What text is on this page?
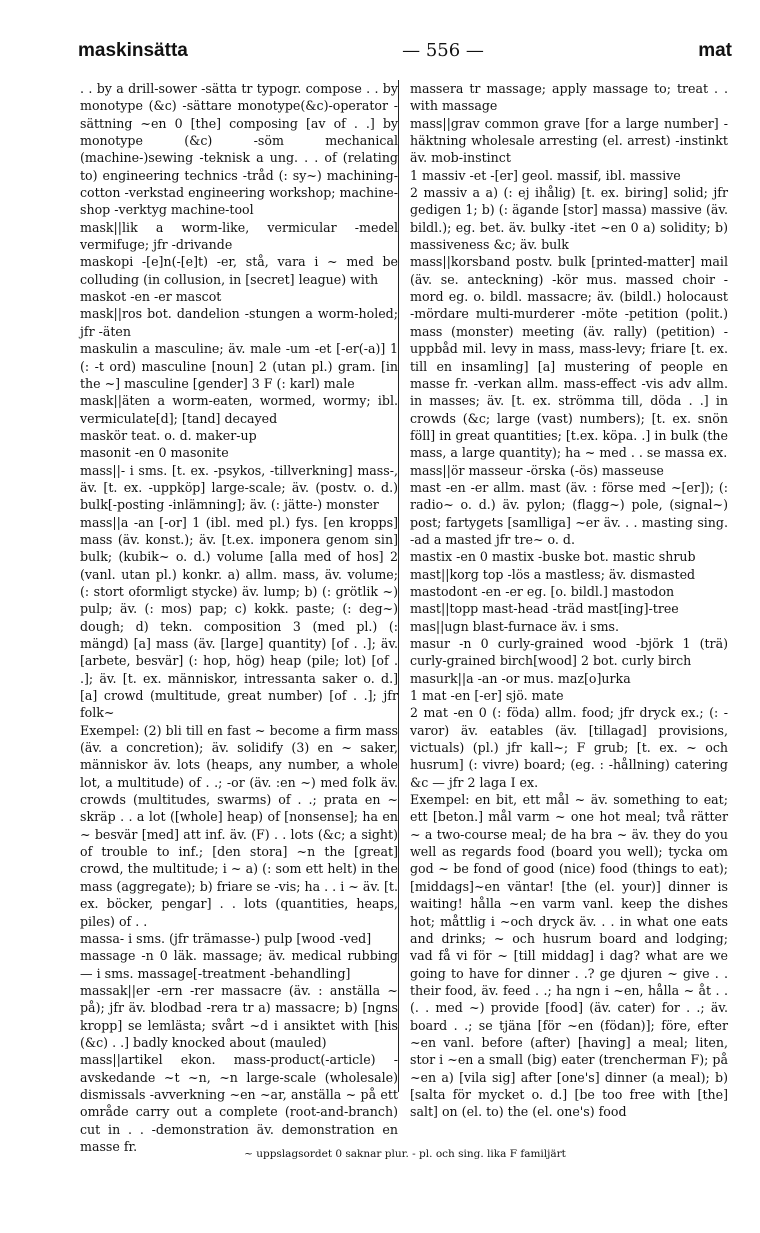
maskinsätta	— 556 —	mat

. . by a drill-sower -sätta tr typogr. compose . . by monotype (&c) -sättare monotype(&c)-operator -sättning ~en 0 [the] composing [av of . .] by monotype (&c) -söm mechanical (machine-)sewing -teknisk a ung. . . of (relating to) engineering technics -tråd (: sy~) machining-cotton -verkstad engineering workshop; machine-shop -verktyg machine-tool

mask||lik a worm-like, vermicular -medel vermifuge; jfr -drivande

maskopi -[e]n(-[e]t) -er, stå, vara i ~ med be colluding (in collusion, in [secret] league) with

maskot -en -er mascot

mask||ros bot. dandelion -stungen a worm-holed; jfr -äten

maskulin a masculine; äv. male -um -et [-er(-a)] 1 (: -t ord) masculine [noun] 2 (utan pl.) gram. [in the ~] masculine [gender] 3 F (: karl) male

mask||äten a worm-eaten, wormed, wormy; ibl. vermiculate[d]; [tand] decayed

maskör teat. o. d. maker-up

masonit -en 0 masonite

mass||- i sms. [t. ex. -psykos, -tillverkning] mass-, äv. [t. ex. -uppköp] large-scale; äv. (postv. o. d.) bulk[-posting -inlämning]; äv. (: jätte-) monster

mass||a -an [-or] 1 (ibl. med pl.) fys. [en kropps] mass (äv. konst.); äv. [t.ex. imponera genom sin] bulk; (kubik~ o. d.) volume [alla med of hos] 2 (vanl. utan pl.) konkr. a) allm. mass, äv. volume; (: stort oformligt stycke) äv. lump; b) (: grötlik ~) pulp; äv. (: mos) pap; c) kokk. paste; (: deg~) dough; d) tekn. composition 3 (med pl.) (: mängd) [a] mass (äv. [large] quantity) [of . .]; äv. [arbete, besvär] (: hop, hög) heap (pile; lot) [of . .]; äv. [t. ex. människor, intressanta saker o. d.] [a] crowd (multitude, great number) [of . .]; jfr folk~

Exempel: (2) bli till en fast ~ become a firm mass (äv. a concretion); äv. solidify (3) en ~ saker, människor äv. lots (heaps, any number, a whole lot, a multitude) of . .; -or (äv. :en ~) med folk äv. crowds (multitudes, swarms) of . .; prata en ~ skräp . . a lot ([whole] heap) of [nonsense]; ha en ~ besvär [med] att inf. äv. (F) . . lots (&c; a sight) of trouble to inf.; [den stora] ~n the [great] crowd, the multitude; i ~ a) (: som ett helt) in the mass (aggregate); b) friare se -vis; ha . . i ~ äv. [t. ex. böcker, pengar] . . lots (quantities, heaps, piles) of . .

massa- i sms. (jfr trämasse-) pulp [wood -ved]

massage -n 0 läk. massage; äv. medical rubbing — i sms. massage[-treatment -behandling]

massak||er -ern -rer massacre (äv. : anställa ~ på); jfr äv. blodbad -rera tr a) massacre; b) [ngns kropp] se lemlästa; svårt ~d i ansiktet with [his (&c) . .] badly knocked about (mauled)

mass||artikel ekon. mass-product(-article) -avskedande ~t ~n, ~n large-scale (wholesale) dismissals -avverkning ~en ~ar, anställa ~ på ett område carry out a complete (root-and-branch) cut in . . -demonstration äv. demonstration en masse fr.

massera tr massage; apply massage to; treat . . with massage

mass||grav common grave [for a large number] -häktning wholesale arresting (el. arrest) -instinkt äv. mob-instinct

1 massiv -et -[er] geol. massif, ibl. massive

2 massiv a a) (: ej ihålig) [t. ex. biring] solid; jfr gedigen 1; b) (: ägande [stor] massa) massive (äv. bildl.); eg. bet. äv. bulky -itet ~en 0 a) solidity; b) massiveness &c; äv. bulk

mass||korsband postv. bulk [printed-matter] mail (äv. se. anteckning) -kör mus. massed choir -mord eg. o. bildl. massacre; äv. (bildl.) holocaust -mördare multi-murderer -möte -petition (polit.) mass (monster) meeting (äv. rally) (petition) -uppbåd mil. levy in mass, mass-levy; friare [t. ex. till en insamling] [a] mustering of people en masse fr. -verkan allm. mass-effect -vis adv allm. in masses; äv. [t. ex. strömma till, döda . .] in crowds (&c; large (vast) numbers); [t. ex. snön föll] in great quantities; [t.ex. köpa. .] in bulk (the mass, a large quantity); ha ~ med . . se massa ex.

mass||ör masseur -örska (-ös) masseuse

mast -en -er allm. mast (äv. : förse med ~[er]); (: radio~ o. d.) äv. pylon; (flagg~) pole, (signal~) post; fartygets [samlliga] ~er äv. . . masting sing. -ad a masted jfr tre~ o. d.

mastix -en 0 mastix -buske bot. mastic shrub

mast||korg top -lös a mastless; äv. dismasted

mastodont -en -er eg. [o. bildl.] mastodon

mast||topp mast-head -träd mast[ing]-tree

mas||ugn blast-furnace äv. i sms.

masur -n 0 curly-grained wood -björk 1 (trä) curly-grained birch[wood] 2 bot. curly birch

masurk||a -an -or mus. maz[o]urka

1 mat -en [-er] sjö. mate

2 mat -en 0 (: föda) allm. food; jfr dryck ex.; (: -varor) äv. eatables (äv. [tillagad] provisions, victuals) (pl.) jfr kall~; F grub; [t. ex. ~ och husrum] (: vivre) board; (eg. : -hållning) catering &c — jfr 2 laga I ex.

Exempel: en bit, ett mål ~ äv. something to eat; ett [beton.] mål varm ~ one hot meal; två rätter ~ a two-course meal; de ha bra ~ äv. they do you well as regards food (board you well); tycka om god ~ be fond of good (nice) food (things to eat); [middags]~en väntar! [the (el. your)] dinner is waiting! hålla ~en varm vanl. keep the dishes hot; måttlig i ~och dryck äv. . . in what one eats and drinks; ~ och husrum board and lodging; vad få vi för ~ [till middag] i dag? what are we going to have for dinner . .? ge djuren ~ give . . their food, äv. feed . .; ha ngn i ~en, hålla ~ åt . . (. . med ~) provide [food] (äv. cater) for . .; äv. board . .; se tjäna [för ~en (födan)]; före, efter ~en vanl. before (after) [having] a meal; liten, stor i ~en a small (big) eater (trencherman F); på ~en a) [vila sig] after [one's] dinner (a meal); b) [salta för mycket o. d.] [be too free with [the] salt] on (el. to) the (el. one's) food

~ uppslagsordet 0 saknar plur. - pl. och sing. lika F familjärt
